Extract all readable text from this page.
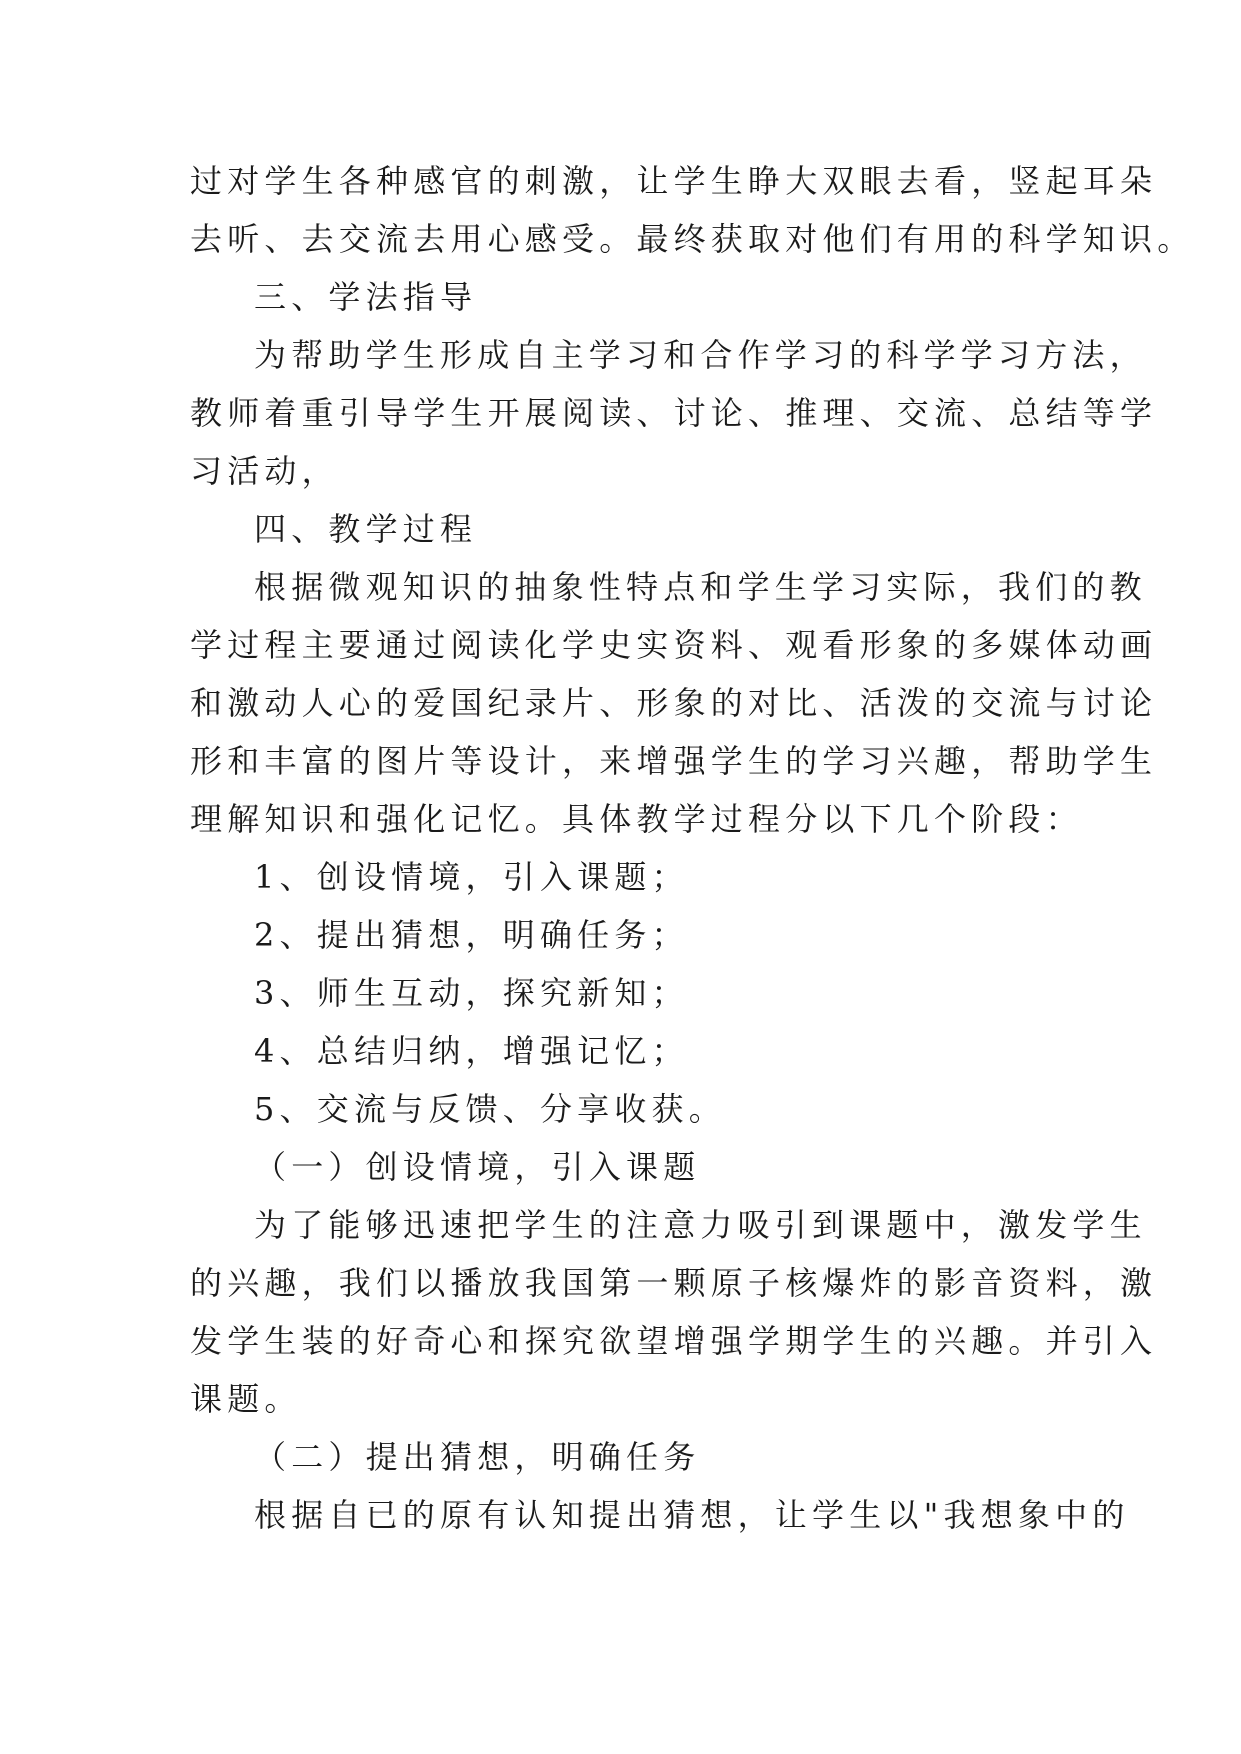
过对学生各种感官的刺激，让学生睁大双眼去看，竖起耳朵
去听、去交流去用心感受。最终获取对他们有用的科学知识。
三、学法指导
为帮助学生形成自主学习和合作学习的科学学习方法，
教师着重引导学生开展阅读、讨论、推理、交流、总结等学
习活动，
四、教学过程
根据微观知识的抽象性特点和学生学习实际，我们的教
学过程主要通过阅读化学史实资料、观看形象的多媒体动画
和激动人心的爱国纪录片、形象的对比、活泼的交流与讨论
形和丰富的图片等设计，来增强学生的学习兴趣，帮助学生
理解知识和强化记忆。具体教学过程分以下几个阶段：
1、创设情境，引入课题；
2、提出猜想，明确任务；
3、师生互动，探究新知；
4、总结归纳，增强记忆；
5、交流与反馈、分享收获。
（一）创设情境，引入课题
为了能够迅速把学生的注意力吸引到课题中，激发学生
的兴趣，我们以播放我国第一颗原子核爆炸的影音资料，激
发学生装的好奇心和探究欲望增强学期学生的兴趣。并引入
课题。
（二）提出猜想，明确任务
根据自已的原有认知提出猜想，让学生以"我想象中的
